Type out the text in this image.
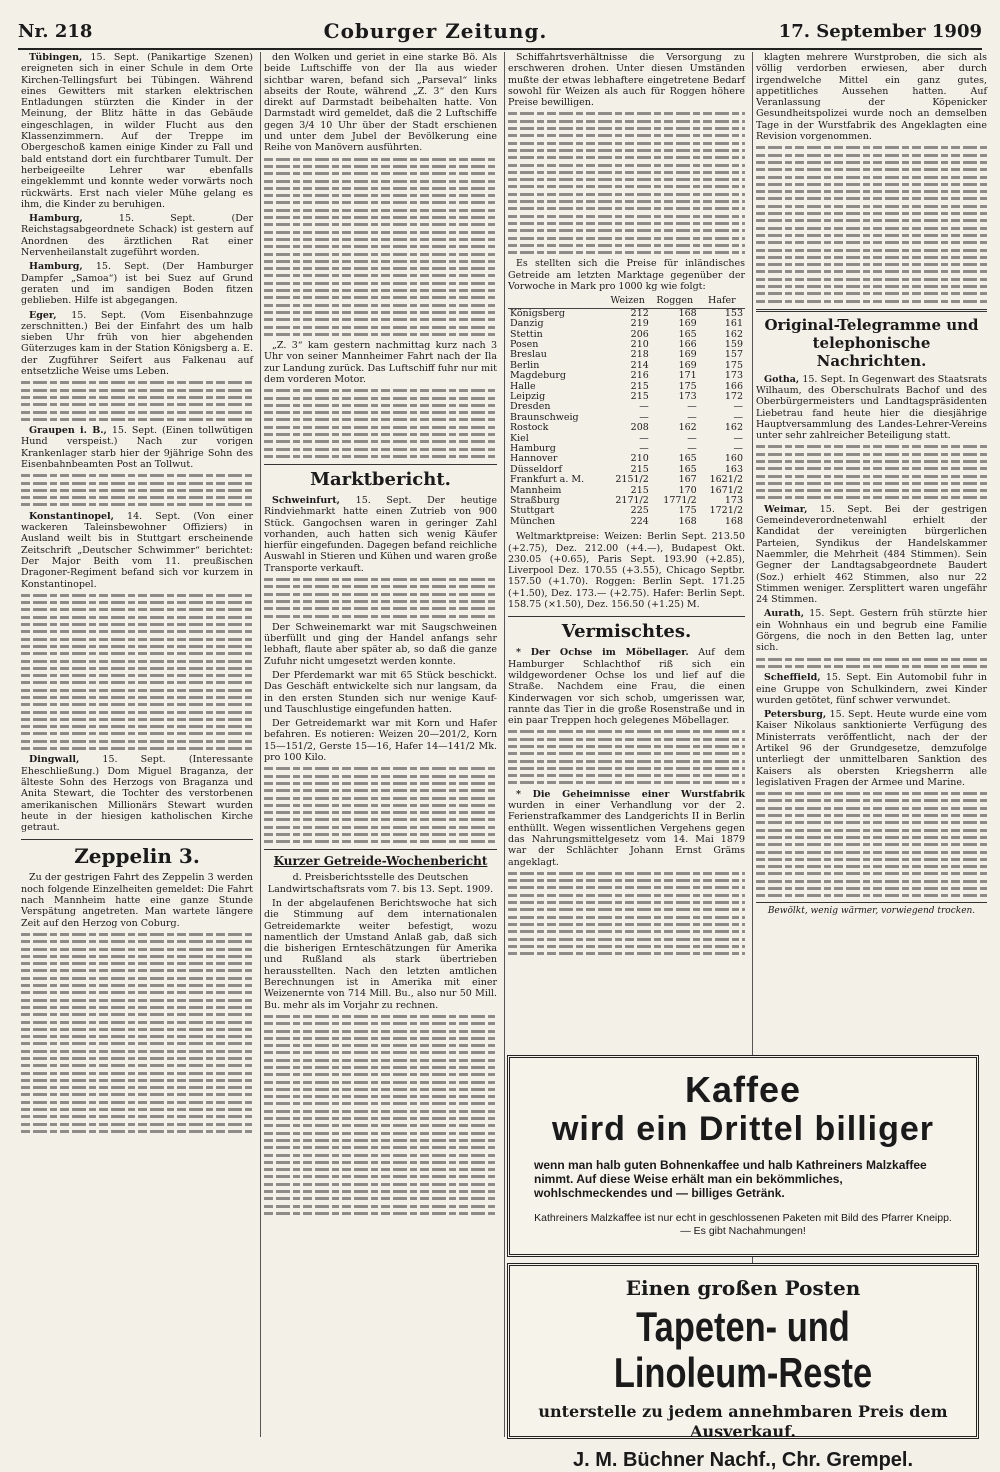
Nr. 218	Coburger Zeitung.	17. September 1909

Tübingen, 15. Sept. (Panikartige Szenen) ereigneten sich in einer Schule in dem Orte Kirchen-Tellingsfurt bei Tübingen. Während eines Gewitters mit starken elektrischen Entladungen stürzten die Kinder in der Meinung, der Blitz hätte in das Gebäude eingeschlagen, in wilder Flucht aus den Klassenzimmern. Auf der Treppe im Obergeschoß kamen einige Kinder zu Fall und bald entstand dort ein furchtbarer Tumult. Der herbeigeeilte Lehrer war ebenfalls eingeklemmt und konnte weder vorwärts noch rückwärts. Erst nach vieler Mühe gelang es ihm, die Kinder zu beruhigen.

Hamburg,	15. Sept. (Der Reichstagsabgeordnete Schack) ist gestern auf Anordnen des ärztlichen Rat einer Nervenheilanstalt zugeführt worden.

Hamburg, 15. Sept. (Der Hamburger Dampfer „Samoa“) ist bei Suez auf Grund geraten und im sandigen Boden fitzen geblieben. Hilfe ist abgegangen.

Eger, 15. Sept. (Vom Eisenbahnzuge zerschnitten.) Bei der Einfahrt des um halb sieben Uhr früh von hier abgehenden Güterzuges kam in der Station Königsberg a. E. der Zugführer Seifert aus Falkenau auf entsetzliche Weise ums Leben.

Graupen i. B., 15. Sept. (Einen tollwütigen Hund verspeist.) Nach zur vorigen Krankenlager starb hier der 9jährige Sohn des Eisenbahnbeamten Post an Tollwut.

Konstantinopel, 14. Sept. (Von einer wackeren Taleinsbewohner Offiziers) in Ausland weilt bis in Stuttgart erscheinende Zeitschrift „Deutscher Schwimmer“ berichtet: Der Major Beith vom 11. preußischen Dragoner-Regiment befand sich vor kurzem in Konstantinopel.

Dingwall, 15. Sept. (Interessante Eheschließung.) Dom Miguel Braganza, der älteste Sohn des Herzogs von Braganza und Anita Stewart, die Tochter des verstorbenen amerikanischen Millionärs Stewart wurden heute in der hiesigen katholischen Kirche getraut.

Zeppelin 3.

Zu der gestrigen Fahrt des Zeppelin 3 werden noch folgende Einzelheiten gemeldet: Die Fahrt nach Mannheim hatte eine ganze Stunde Verspätung angetreten. Man wartete längere Zeit auf den Herzog von Coburg.

den Wolken und geriet in eine starke Bö. Als beide Luftschiffe von der Ila aus wieder sichtbar waren, befand sich „Parseval“ links abseits der Route, während „Z. 3“ den Kurs direkt auf Darmstadt beibehalten hatte. Von Darmstadt wird gemeldet, daß die 2 Luftschiffe gegen 3/4 10 Uhr über der Stadt erschienen und unter dem Jubel der Bevölkerung eine Reihe von Manövern ausführten.

„Z. 3“ kam gestern nachmittag kurz nach 3 Uhr von seiner Mannheimer Fahrt nach der Ila zur Landung zurück. Das Luftschiff fuhr nur mit dem vorderen Motor.

Marktbericht.

Schweinfurt, 15. Sept. Der heutige Rindviehmarkt hatte einen Zutrieb von 900 Stück. Gangochsen waren in geringer Zahl vorhanden, auch hatten sich wenig Käufer hierfür eingefunden. Dagegen befand reichliche Auswahl in Stieren und Kühen und waren große Transporte verkauft.

Der Schweinemarkt war mit Saugschweinen überfüllt und ging der Handel anfangs sehr lebhaft, flaute aber später ab, so daß die ganze Zufuhr nicht umgesetzt werden konnte.

Der Pferdemarkt war mit 65 Stück beschickt. Das Geschäft entwickelte sich nur langsam, da in den ersten Stunden sich nur wenige Kauf- und Tauschlustige eingefunden hatten.

Der Getreidemarkt war mit Korn und Hafer befahren. Es notieren: Weizen 20—201/2, Korn 15—151/2, Gerste 15—16, Hafer 14—141/2 Mk. pro 100 Kilo.

Kurzer Getreide-Wochenbericht

d. Preisberichtsstelle des Deutschen Landwirtschaftsrats vom 7. bis 13. Sept. 1909.

In der abgelaufenen Berichtswoche hat sich die Stimmung auf dem internationalen Getreidemarkte weiter befestigt, wozu namentlich der Umstand Anlaß gab, daß sich die bisherigen Ernteschätzungen für Amerika und Rußland als stark übertrieben herausstellten. Nach den letzten amtlichen Berechnungen ist in Amerika mit einer Weizenernte von 714 Mill. Bu., also nur 50 Mill. Bu. mehr als im Vorjahr zu rechnen.

Schiffahrtsverhältnisse die Versorgung zu erschweren drohen. Unter diesen Umständen mußte der etwas lebhaftere eingetretene Bedarf sowohl für Weizen als auch für Roggen höhere Preise bewilligen.

Es stellten sich die Preise für inländisches Getreide am letzten Marktage gegenüber der Vorwoche in Mark pro 1000 kg wie folgt:

	Weizen	Roggen	Hafer
Königsberg	212	168	153
Danzig	219	169	161
Stettin	206	165	162
Posen	210	166	159
Breslau	218	169	157
Berlin	214	169	175
Magdeburg	216	171	173
Halle	215	175	166
Leipzig	215	173	172
Dresden	—	—	—
Braunschweig	—	—	—
Rostock	208	162	162
Kiel	—	—	—
Hamburg	—	—	—
Hannover	210	165	160
Düsseldorf	215	165	163
Frankfurt a. M.	2151/2	167	1621/2
Mannheim	215	170	1671/2
Straßburg	2171/2	1771/2	173
Stuttgart	225	175	1721/2
München	224	168	168

Weltmarktpreise: Weizen: Berlin Sept. 213.50 (+2.75), Dez. 212.00 (+4.—), Budapest Okt. 230.05 (+0.65), Paris Sept. 193.90 (+2.85), Liverpool Dez. 170.55 (+3.55), Chicago Septbr. 157.50 (+1.70). Roggen: Berlin Sept. 171.25 (+1.50), Dez. 173.— (+2.75). Hafer: Berlin Sept. 158.75 (×1.50), Dez. 156.50 (+1.25) M.

Vermischtes.

* Der Ochse im Möbellager. Auf dem Hamburger Schlachthof riß sich ein wildgewordener Ochse los und lief auf die Straße. Nachdem eine Frau, die einen Kinderwagen vor sich schob, umgerissen war, rannte das Tier in die große Rosenstraße und in ein paar Treppen hoch gelegenes Möbellager.

* Die Geheimnisse einer Wurstfabrik wurden in einer Verhandlung vor der 2. Ferienstrafkammer des Landgerichts II in Berlin enthüllt. Wegen wissentlichen Vergehens gegen das Nahrungsmittelgesetz vom 14. Mai 1879 war der Schlächter Johann Ernst Gräms angeklagt.

klagten mehrere Wurstproben, die sich als völlig verdorben erwiesen, aber durch irgendwelche Mittel ein ganz gutes, appetitliches Aussehen hatten. Auf Veranlassung der Köpenicker Gesundheitspolizei wurde noch an demselben Tage in der Wurstfabrik des Angeklagten eine Revision vorgenommen.

Original-Telegramme und telephonische Nachrichten.

Gotha, 15. Sept. In Gegenwart des Staatsrats Wilhaum, des Oberschulrats Bachof und des Oberbürgermeisters und Landtagspräsidenten Liebetrau fand heute hier die diesjährige Hauptversammlung des Landes-Lehrer-Vereins unter sehr zahlreicher Beteiligung statt.

Weimar, 15. Sept. Bei der gestrigen Gemeindeverordnetenwahl erhielt der Kandidat der vereinigten bürgerlichen Parteien, Syndikus der Handelskammer Naemmler, die Mehrheit (484 Stimmen). Sein Gegner der Landtagsabgeordnete Baudert (Soz.) erhielt 462 Stimmen, also nur 22 Stimmen weniger. Zersplittert waren ungefähr 24 Stimmen.

Aurath, 15. Sept. Gestern früh stürzte hier ein Wohnhaus ein und begrub eine Familie Görgens, die noch in den Betten lag, unter sich.

Scheffield, 15. Sept. Ein Automobil fuhr in eine Gruppe von Schulkindern, zwei Kinder wurden getötet, fünf schwer verwundet.

Petersburg, 15. Sept. Heute wurde eine vom Kaiser Nikolaus sanktionierte Verfügung des Ministerrats veröffentlicht, nach der der Artikel 96 der Grundgesetze, demzufolge unterliegt der unmittelbaren Sanktion des Kaisers als obersten Kriegsherrn alle legislativen Fragen der Armee und Marine.

Bewölkt, wenig wärmer, vorwiegend trocken.
Kaffee
wird ein Drittel billiger
wenn man halb guten Bohnenkaffee und halb Kathreiners Malzkaffee nimmt. Auf diese Weise erhält man ein bekömmliches, wohlschmeckendes und — billiges Getränk.
Kathreiners Malzkaffee ist nur echt in geschlossenen Paketen mit Bild des Pfarrer Kneipp. — Es gibt Nachahmungen!
Einen großen Posten
Tapeten- und Linoleum-Reste
unterstelle zu jedem annehmbaren Preis dem Ausverkauf.
J. M. Büchner Nachf., Chr. Grempel.
